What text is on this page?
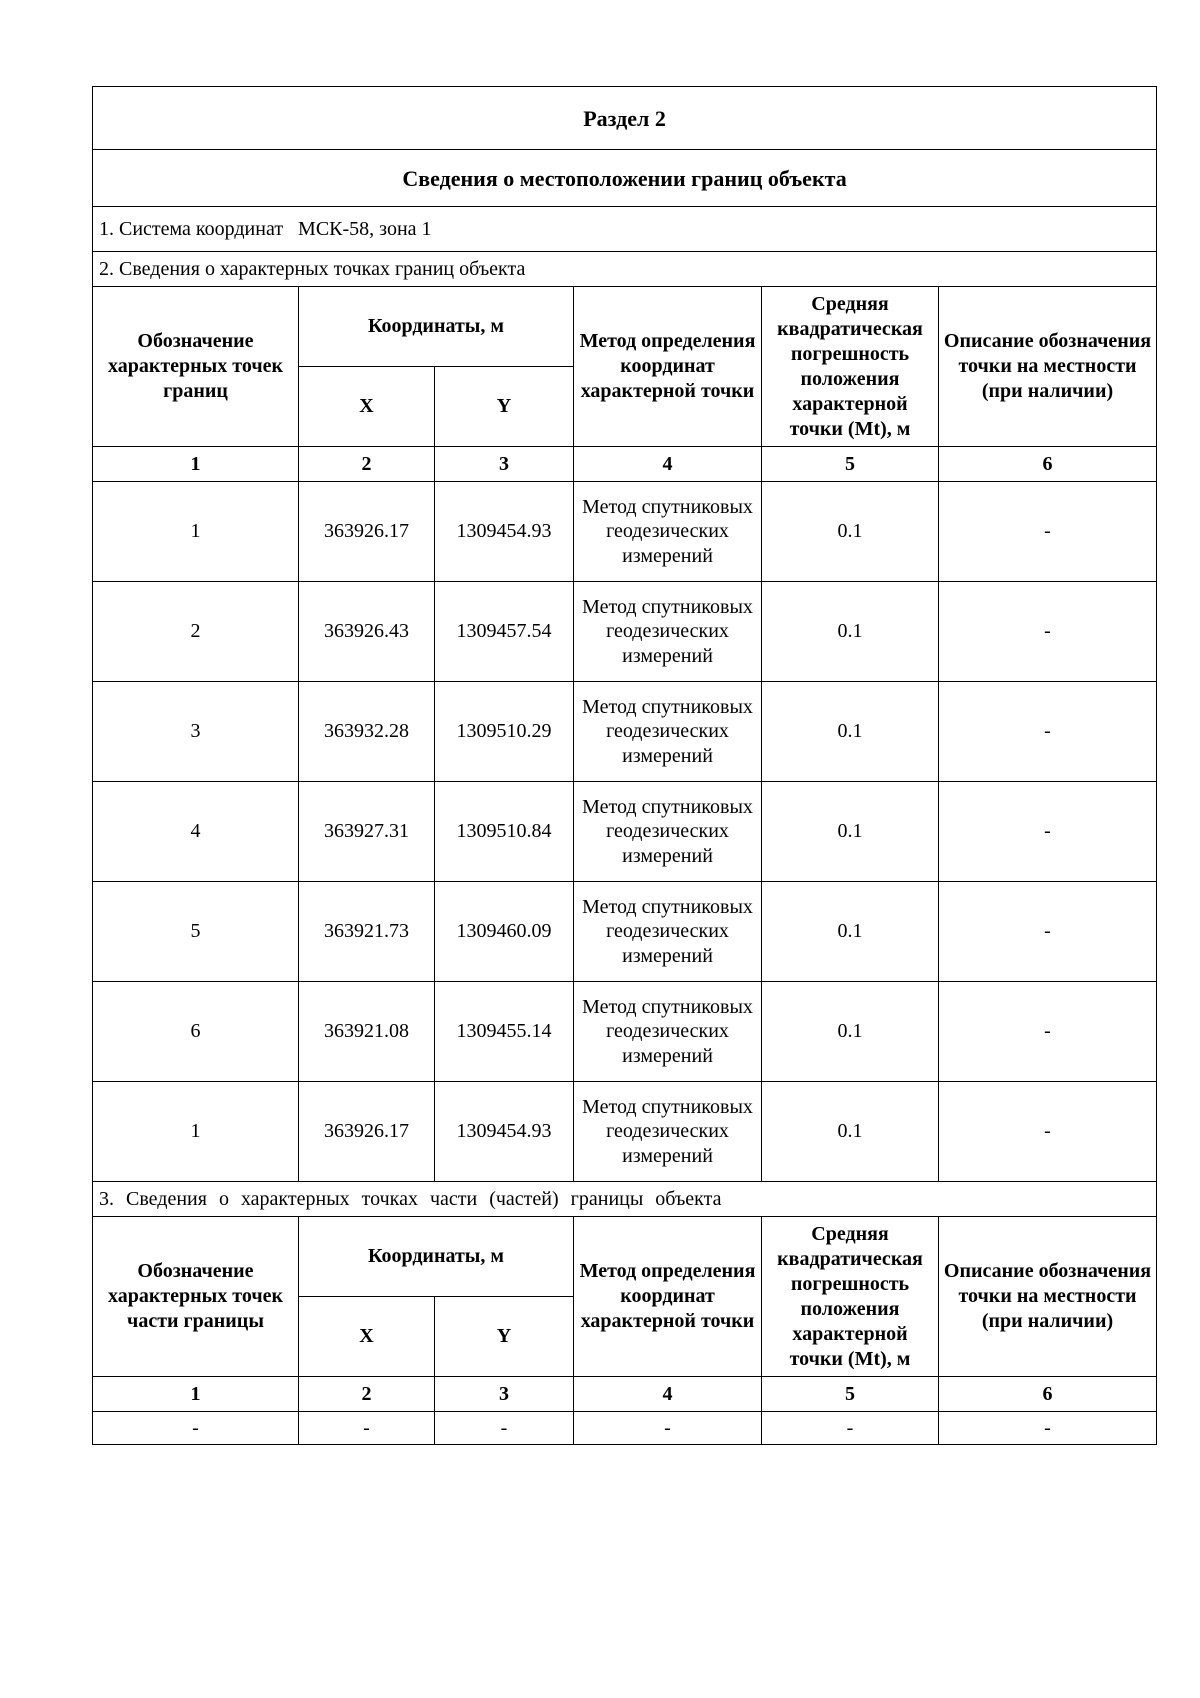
Раздел 2					
Сведения о местоположении границ объекта					
1. Система координат   МСК-58, зона 1					
2. Сведения о характерных точках границ объекта					
Обозначение характерных точек границ	Координаты, м		Метод определения координат характерной точки	Средняя квадратическая погрешность положения характерной точки (Mt), м	Описание обозначения точки на местности (при наличии)
	X	Y			
1	2	3	4	5	6
1	363926.17	1309454.93	Метод спутниковых геодезических измерений	0.1	-
2	363926.43	1309457.54	Метод спутниковых геодезических измерений	0.1	-
3	363932.28	1309510.29	Метод спутниковых геодезических измерений	0.1	-
4	363927.31	1309510.84	Метод спутниковых геодезических измерений	0.1	-
5	363921.73	1309460.09	Метод спутниковых геодезических измерений	0.1	-
6	363921.08	1309455.14	Метод спутниковых геодезических измерений	0.1	-
1	363926.17	1309454.93	Метод спутниковых геодезических измерений	0.1	-
3. Сведения о характерных точках части (частей) границы объекта					
Обозначение характерных точек части границы	Координаты, м		Метод определения координат характерной точки	Средняя квадратическая погрешность положения характерной точки (Mt), м	Описание обозначения точки на местности (при наличии)
	X	Y			
1	2	3	4	5	6
-	-	-	-	-	-
